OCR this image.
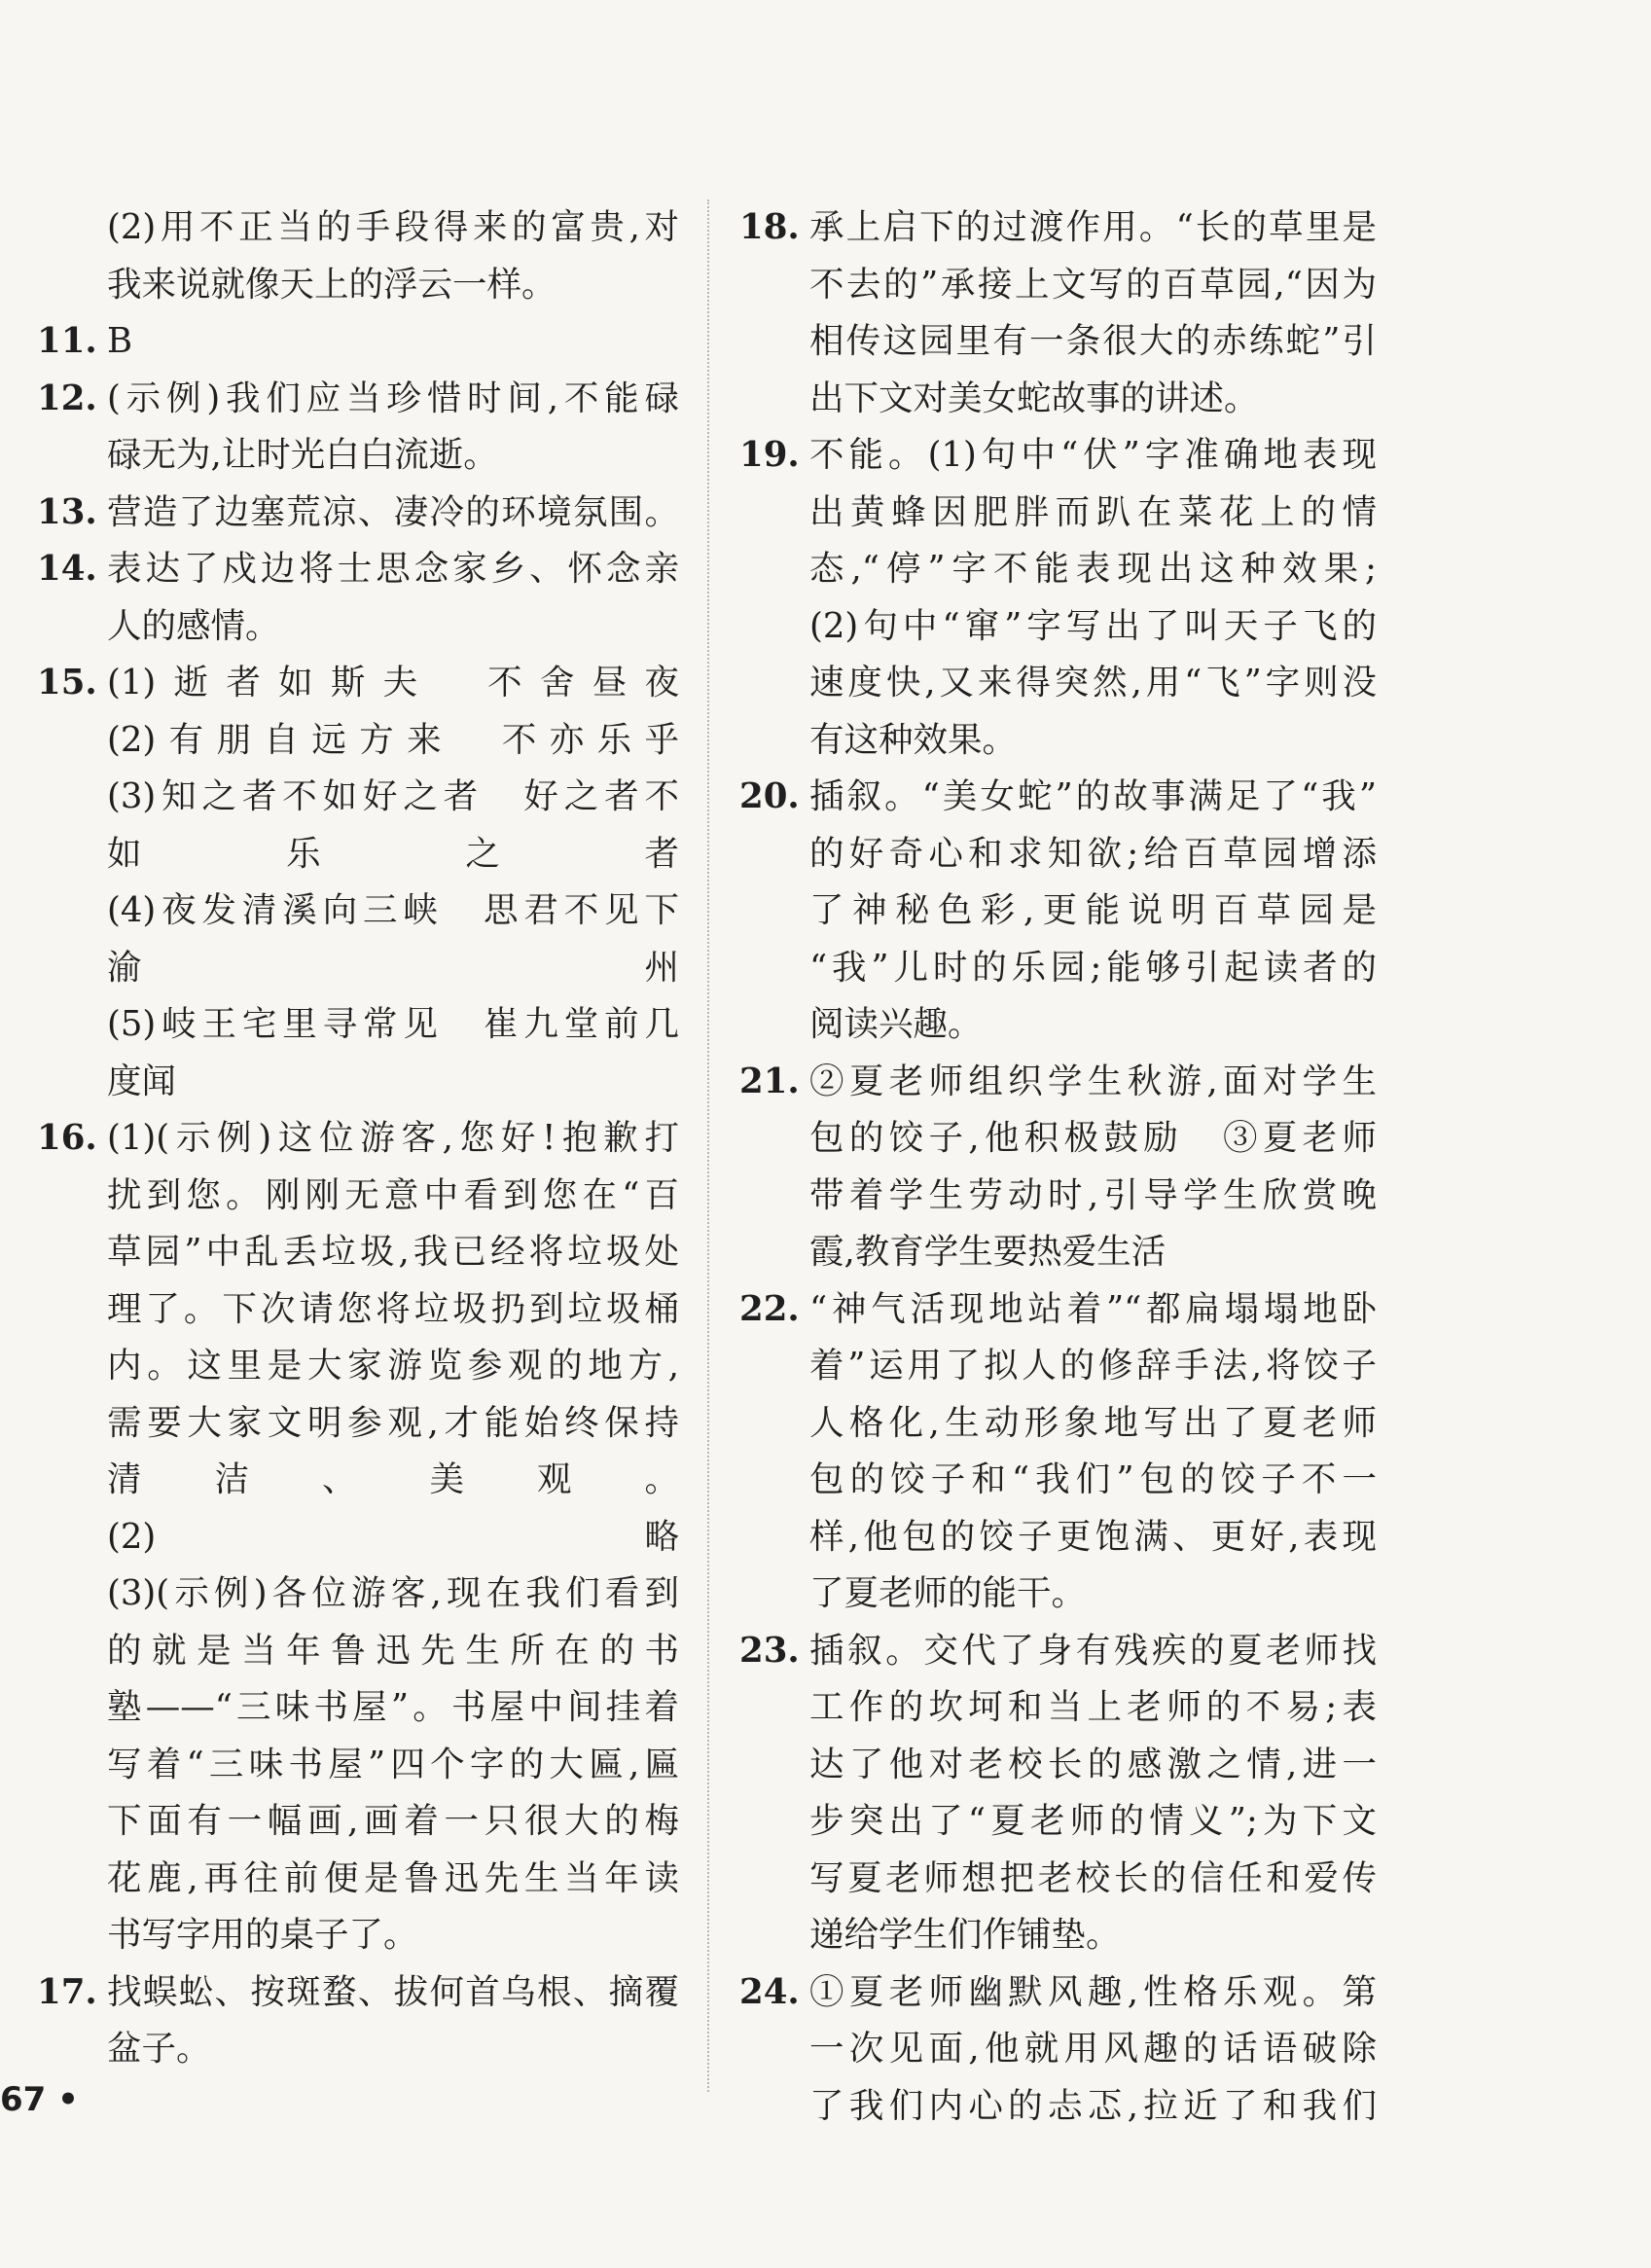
(2)用不正当的手段得来的富贵,对
我来说就像天上的浮云一样。
11. B
12. (示例)我们应当珍惜时间,不能碌
碌无为,让时光白白流逝。
13. 营造了边塞荒凉、凄冷的环境氛围。
14. 表达了戍边将士思念家乡、怀念亲
人的感情。
15. (1)逝者如斯夫　不舍昼夜
(2)有朋自远方来　不亦乐乎
(3)知之者不如好之者　好之者不
如乐之者
(4)夜发清溪向三峡　思君不见下
渝州
(5)岐王宅里寻常见　崔九堂前几
度闻
16. (1)(示例)这位游客,您好!抱歉打
扰到您。刚刚无意中看到您在“百
草园”中乱丢垃圾,我已经将垃圾处
理了。下次请您将垃圾扔到垃圾桶
内。这里是大家游览参观的地方,
需要大家文明参观,才能始终保持
清洁、美观。
(2)略
(3)(示例)各位游客,现在我们看到
的就是当年鲁迅先生所在的书
塾——“三味书屋”。书屋中间挂着
写着“三味书屋”四个字的大匾,匾
下面有一幅画,画着一只很大的梅
花鹿,再往前便是鲁迅先生当年读
书写字用的桌子了。
17. 找蜈蚣、按斑蝥、拔何首乌根、摘覆
盆子。
18. 承上启下的过渡作用。“长的草里是
不去的”承接上文写的百草园,“因为
相传这园里有一条很大的赤练蛇”引
出下文对美女蛇故事的讲述。
19. 不能。(1)句中“伏”字准确地表现
出黄蜂因肥胖而趴在菜花上的情
态,“停”字不能表现出这种效果;
(2)句中“窜”字写出了叫天子飞的
速度快,又来得突然,用“飞”字则没
有这种效果。
20. 插叙。“美女蛇”的故事满足了“我”
的好奇心和求知欲;给百草园增添
了神秘色彩,更能说明百草园是
“我”儿时的乐园;能够引起读者的
阅读兴趣。
21. ②夏老师组织学生秋游,面对学生
包的饺子,他积极鼓励　③夏老师
带着学生劳动时,引导学生欣赏晚
霞,教育学生要热爱生活
22. “神气活现地站着”“都扁塌塌地卧
着”运用了拟人的修辞手法,将饺子
人格化,生动形象地写出了夏老师
包的饺子和“我们”包的饺子不一
样,他包的饺子更饱满、更好,表现
了夏老师的能干。
23. 插叙。交代了身有残疾的夏老师找
工作的坎坷和当上老师的不易;表
达了他对老校长的感激之情,进一
步突出了“夏老师的情义”;为下文
写夏老师想把老校长的信任和爱传
递给学生们作铺垫。
24. ①夏老师幽默风趣,性格乐观。第
一次见面,他就用风趣的话语破除
了我们内心的忐忑,拉近了和我们
67 •
